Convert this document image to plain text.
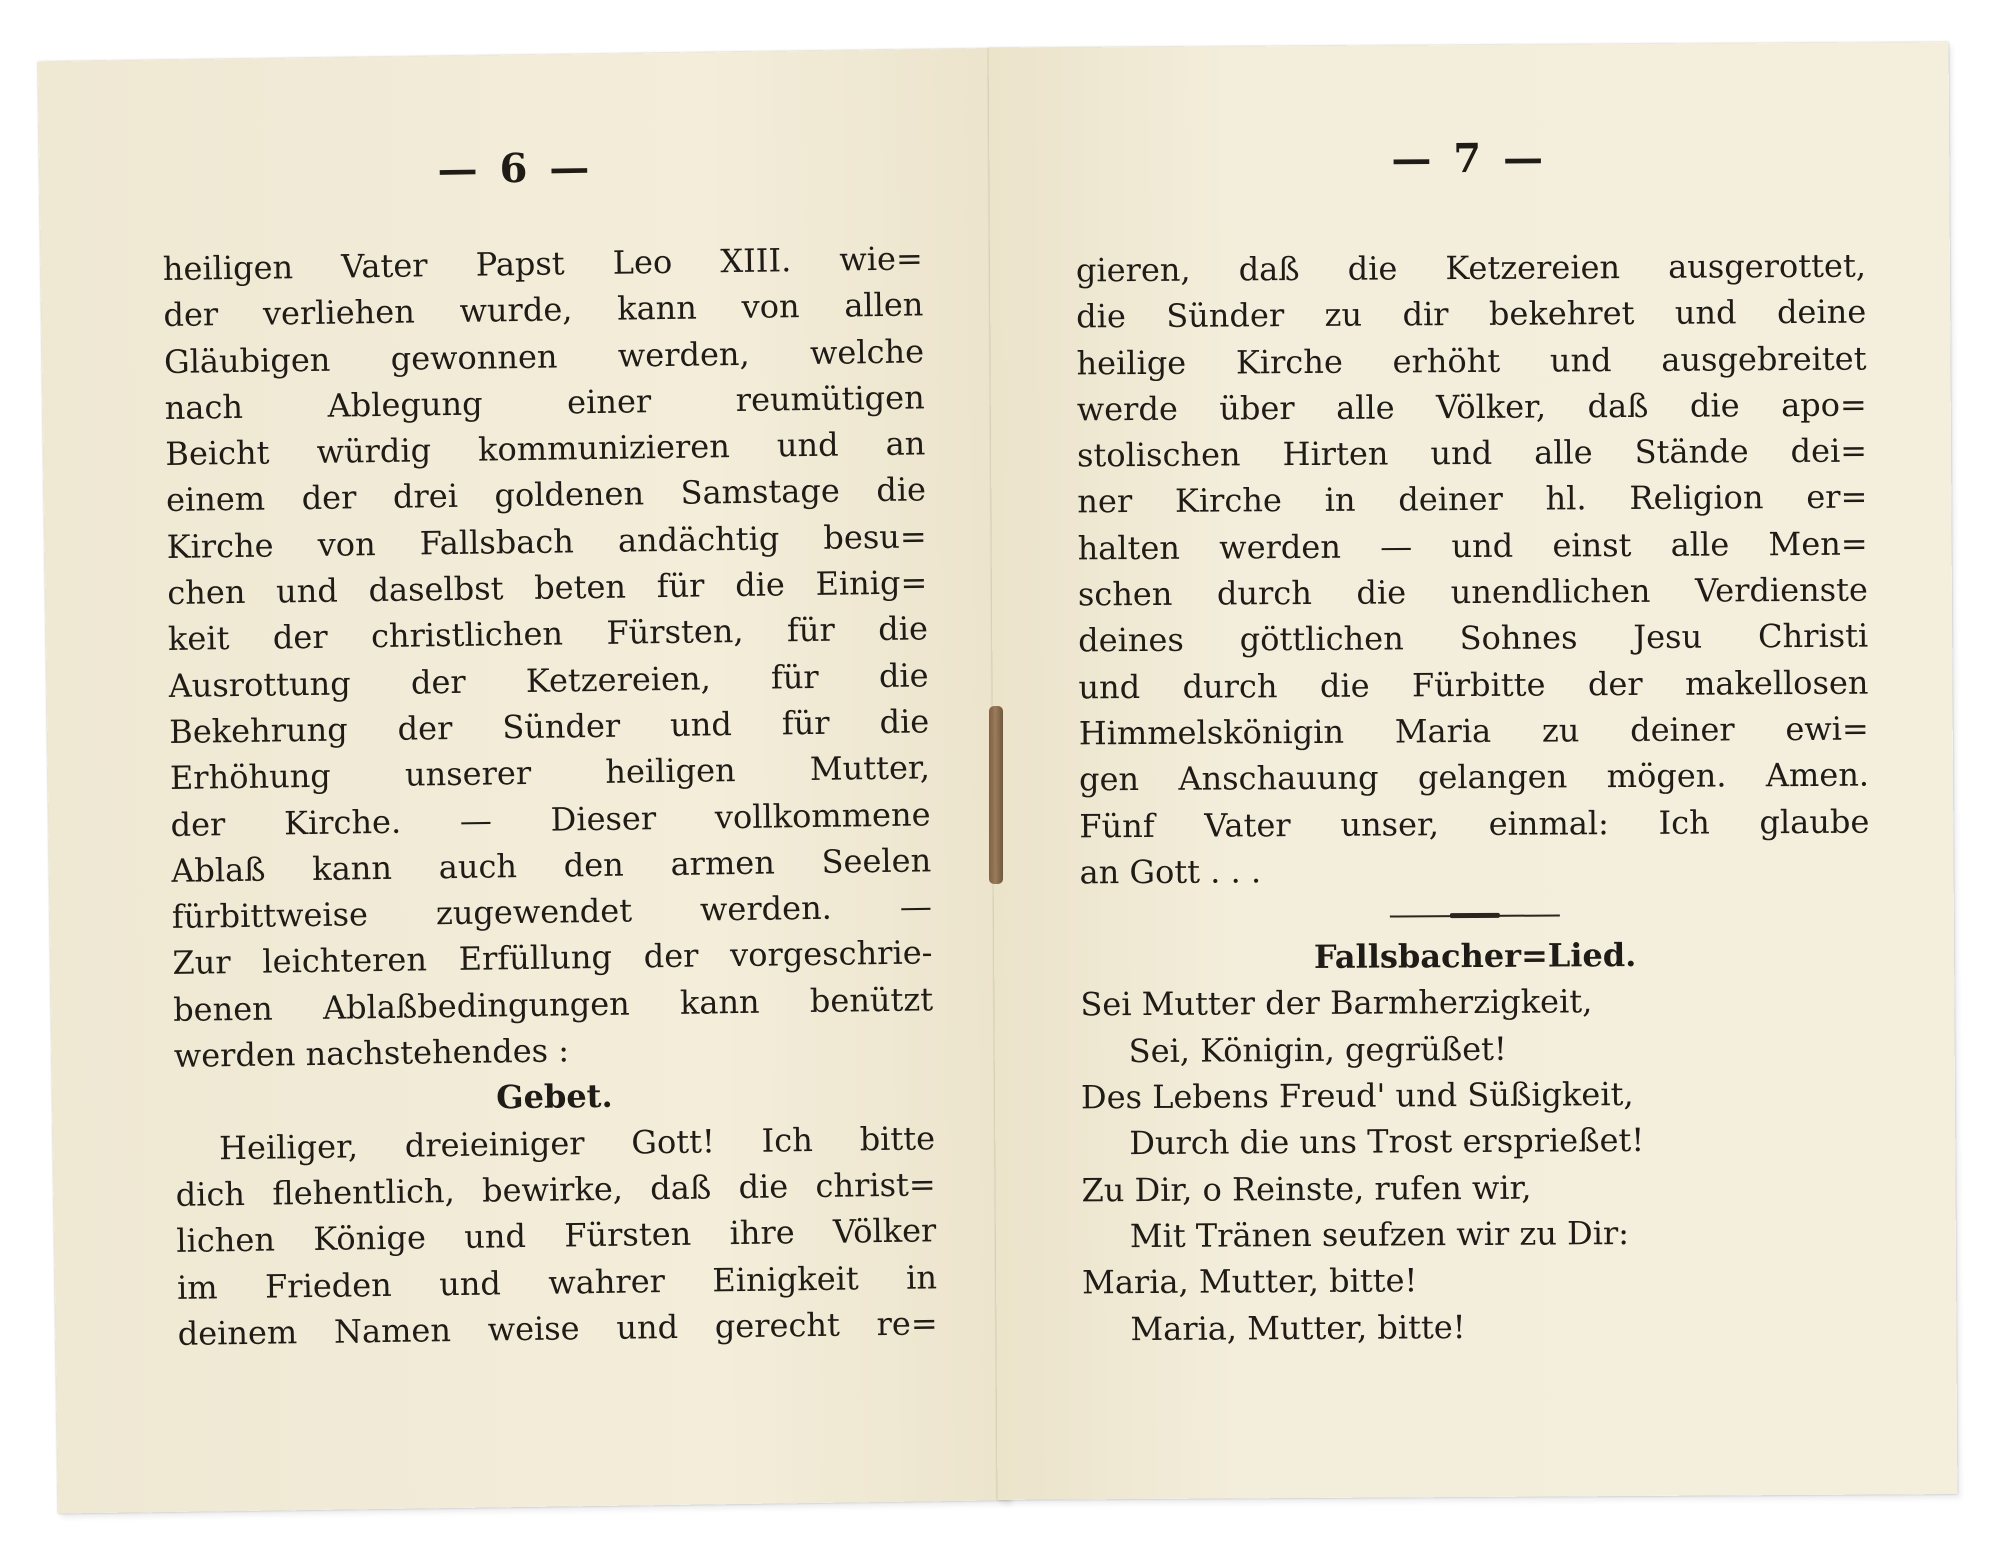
— 6 —
heiligen Vater Papst Leo XIII. wie=
der verliehen wurde, kann von allen
Gläubigen gewonnen werden, welche
nach Ablegung einer reumütigen
Beicht würdig kommunizieren und an
einem der drei goldenen Samstage die
Kirche von Fallsbach andächtig besu=
chen und daselbst beten für die Einig=
keit der christlichen Fürsten, für die
Ausrottung der Ketzereien, für die
Bekehrung der Sünder und für die
Erhöhung unserer heiligen Mutter,
der Kirche. — Dieser vollkommene
Ablaß kann auch den armen Seelen
fürbittweise zugewendet werden. —
Zur leichteren Erfüllung der vorgeschrie-
benen Ablaßbedingungen kann benützt
werden nachstehendes :
Gebet.
Heiliger, dreieiniger Gott! Ich bitte
dich flehentlich, bewirke, daß die christ=
lichen Könige und Fürsten ihre Völker
im Frieden und wahrer Einigkeit in
deinem Namen weise und gerecht re=
— 7 —
gieren, daß die Ketzereien ausgerottet,
die Sünder zu dir bekehret und deine
heilige Kirche erhöht und ausgebreitet
werde über alle Völker, daß die apo=
stolischen Hirten und alle Stände dei=
ner Kirche in deiner hl. Religion er=
halten werden — und einst alle Men=
schen durch die unendlichen Verdienste
deines göttlichen Sohnes Jesu Christi
und durch die Fürbitte der makellosen
Himmelskönigin Maria zu deiner ewi=
gen Anschauung gelangen mögen. Amen.
Fünf Vater unser, einmal: Ich glaube
an Gott . . .
Fallsbacher=Lied.
Sei Mutter der Barmherzigkeit,
Sei, Königin, gegrüßet!
Des Lebens Freud' und Süßigkeit,
Durch die uns Trost ersprießet!
Zu Dir, o Reinste, rufen wir,
Mit Tränen seufzen wir zu Dir:
Maria, Mutter, bitte!
Maria, Mutter, bitte!
